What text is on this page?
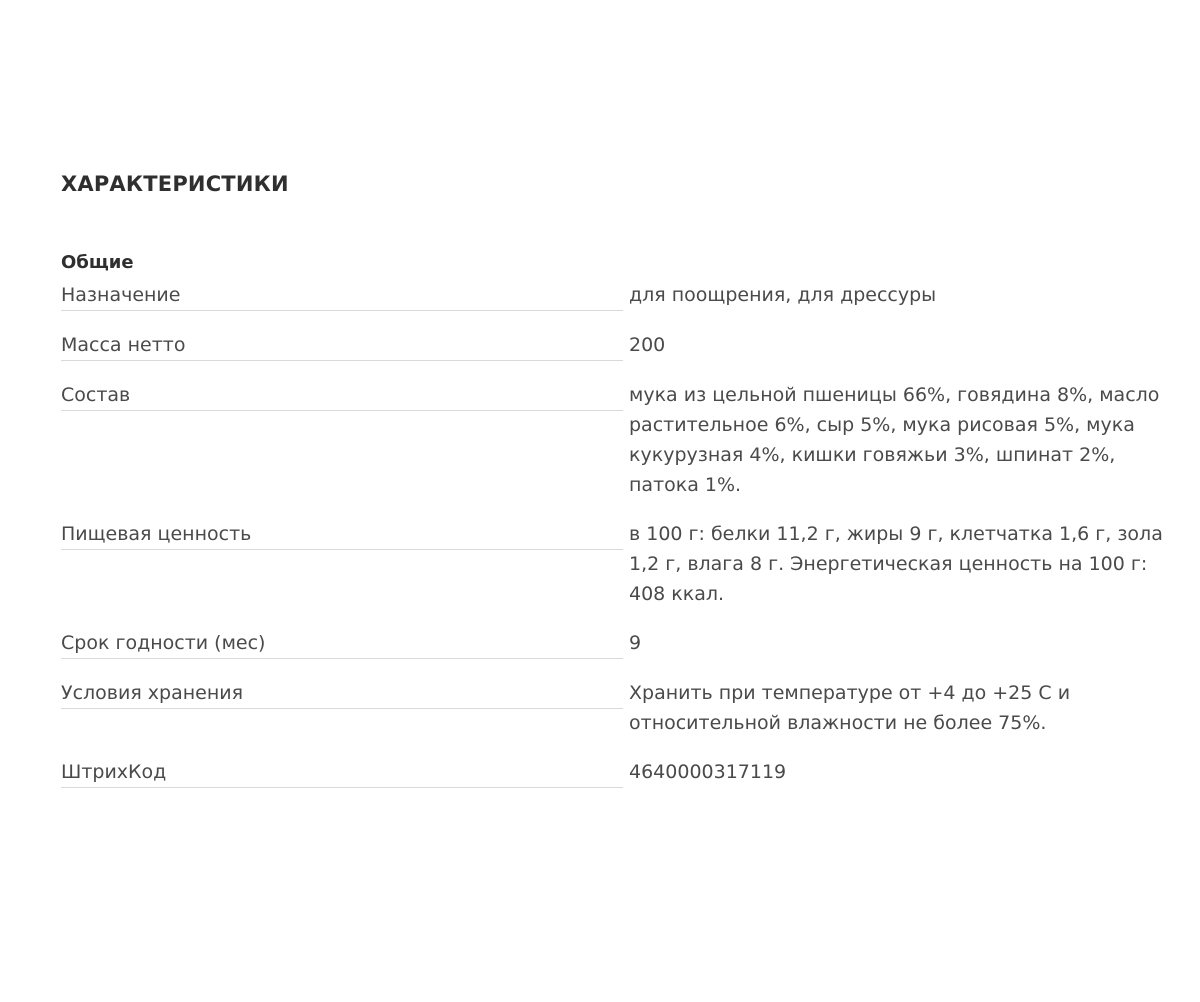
ХАРАКТЕРИСТИКИ
Общие
Назначение	для поощрения, для дрессуры
Масса нетто	200
Состав	мука из цельной пшеницы 66%, говядина 8%, масло растительное 6%, сыр 5%, мука рисовая 5%, мука кукурузная 4%, кишки говяжьи 3%, шпинат 2%, патока 1%.
Пищевая ценность	в 100 г: белки 11,2 г, жиры 9 г, клетчатка 1,6 г, зола 1,2 г, влага 8 г. Энергетическая ценность на 100 г: 408 ккал.
Срок годности (мес)	9
Условия хранения	Хранить при температуре от +4 до +25 С и относительной влажности не более 75%.
ШтрихКод	4640000317119
